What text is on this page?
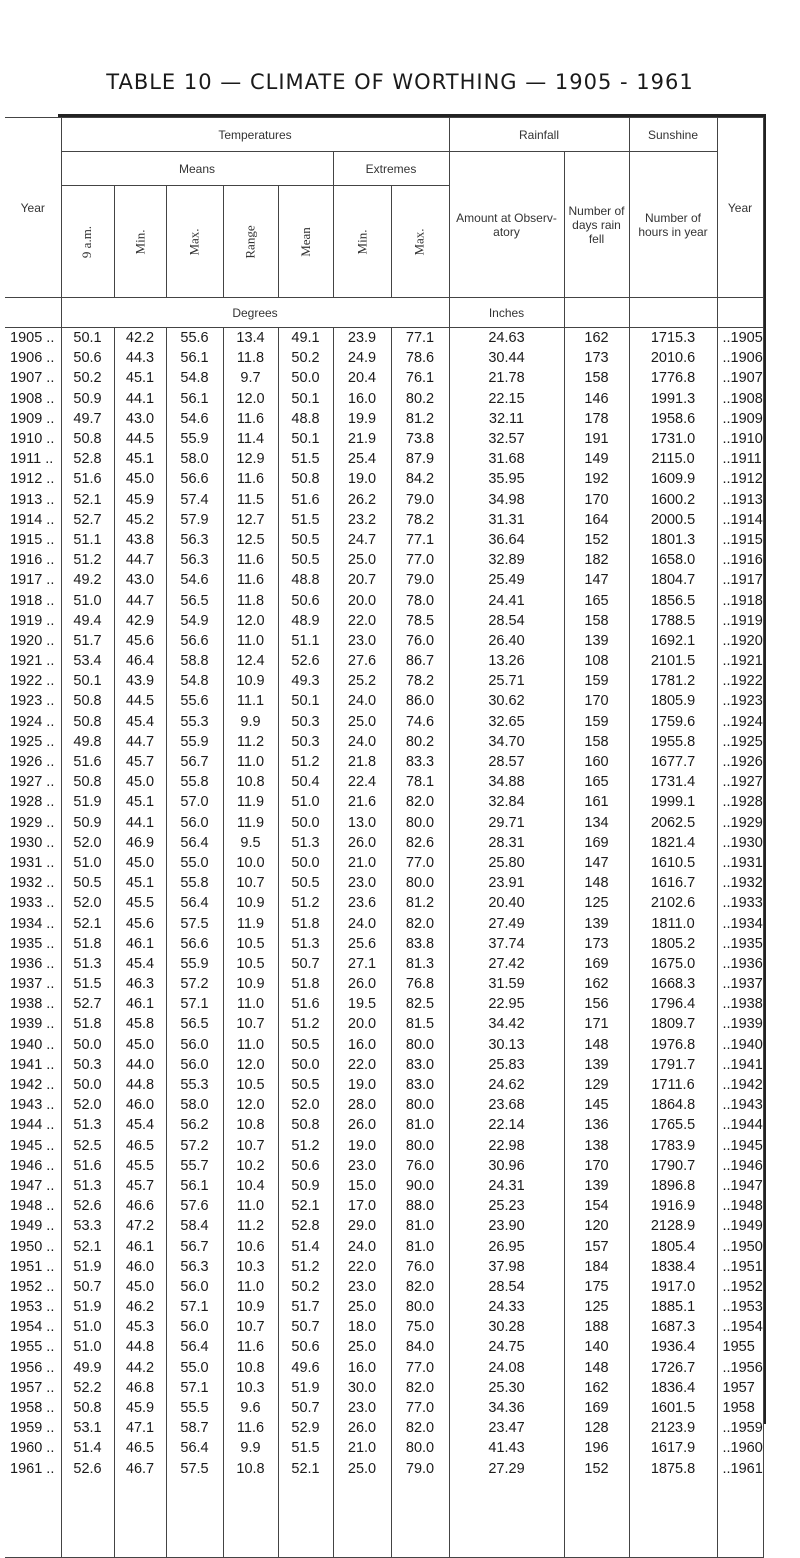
TABLE 10 — CLIMATE OF WORTHING — 1905 - 1961
Year	Temperatures							Rainfall		Sunshine	Year
	Means					Extremes		Amount at Observ-atory	Number of days rain fell	Number of hours in year	
	9 a.m.	Min.	Max.	Range	Mean	Min.	Max.				
	Degrees							Inches			
1905 ..	50.1	42.2	55.6	13.4	49.1	23.9	77.1	24.63	162	1715.3	..1905
1906 ..	50.6	44.3	56.1	11.8	50.2	24.9	78.6	30.44	173	2010.6	..1906
1907 ..	50.2	45.1	54.8	9.7	50.0	20.4	76.1	21.78	158	1776.8	..1907
1908 ..	50.9	44.1	56.1	12.0	50.1	16.0	80.2	22.15	146	1991.3	..1908
1909 ..	49.7	43.0	54.6	11.6	48.8	19.9	81.2	32.11	178	1958.6	..1909
1910 ..	50.8	44.5	55.9	11.4	50.1	21.9	73.8	32.57	191	1731.0	..1910
1911 ..	52.8	45.1	58.0	12.9	51.5	25.4	87.9	31.68	149	2115.0	..1911
1912 ..	51.6	45.0	56.6	11.6	50.8	19.0	84.2	35.95	192	1609.9	..1912
1913 ..	52.1	45.9	57.4	11.5	51.6	26.2	79.0	34.98	170	1600.2	..1913
1914 ..	52.7	45.2	57.9	12.7	51.5	23.2	78.2	31.31	164	2000.5	..1914
1915 ..	51.1	43.8	56.3	12.5	50.5	24.7	77.1	36.64	152	1801.3	..1915
1916 ..	51.2	44.7	56.3	11.6	50.5	25.0	77.0	32.89	182	1658.0	..1916
1917 ..	49.2	43.0	54.6	11.6	48.8	20.7	79.0	25.49	147	1804.7	..1917
1918 ..	51.0	44.7	56.5	11.8	50.6	20.0	78.0	24.41	165	1856.5	..1918
1919 ..	49.4	42.9	54.9	12.0	48.9	22.0	78.5	28.54	158	1788.5	..1919
1920 ..	51.7	45.6	56.6	11.0	51.1	23.0	76.0	26.40	139	1692.1	..1920
1921 ..	53.4	46.4	58.8	12.4	52.6	27.6	86.7	13.26	108	2101.5	..1921
1922 ..	50.1	43.9	54.8	10.9	49.3	25.2	78.2	25.71	159	1781.2	..1922
1923 ..	50.8	44.5	55.6	11.1	50.1	24.0	86.0	30.62	170	1805.9	..1923
1924 ..	50.8	45.4	55.3	9.9	50.3	25.0	74.6	32.65	159	1759.6	..1924
1925 ..	49.8	44.7	55.9	11.2	50.3	24.0	80.2	34.70	158	1955.8	..1925
1926 ..	51.6	45.7	56.7	11.0	51.2	21.8	83.3	28.57	160	1677.7	..1926
1927 ..	50.8	45.0	55.8	10.8	50.4	22.4	78.1	34.88	165	1731.4	..1927
1928 ..	51.9	45.1	57.0	11.9	51.0	21.6	82.0	32.84	161	1999.1	..1928
1929 ..	50.9	44.1	56.0	11.9	50.0	13.0	80.0	29.71	134	2062.5	..1929
1930 ..	52.0	46.9	56.4	9.5	51.3	26.0	82.6	28.31	169	1821.4	..1930
1931 ..	51.0	45.0	55.0	10.0	50.0	21.0	77.0	25.80	147	1610.5	..1931
1932 ..	50.5	45.1	55.8	10.7	50.5	23.0	80.0	23.91	148	1616.7	..1932
1933 ..	52.0	45.5	56.4	10.9	51.2	23.6	81.2	20.40	125	2102.6	..1933
1934 ..	52.1	45.6	57.5	11.9	51.8	24.0	82.0	27.49	139	1811.0	..1934
1935 ..	51.8	46.1	56.6	10.5	51.3	25.6	83.8	37.74	173	1805.2	..1935
1936 ..	51.3	45.4	55.9	10.5	50.7	27.1	81.3	27.42	169	1675.0	..1936
1937 ..	51.5	46.3	57.2	10.9	51.8	26.0	76.8	31.59	162	1668.3	..1937
1938 ..	52.7	46.1	57.1	11.0	51.6	19.5	82.5	22.95	156	1796.4	..1938
1939 ..	51.8	45.8	56.5	10.7	51.2	20.0	81.5	34.42	171	1809.7	..1939
1940 ..	50.0	45.0	56.0	11.0	50.5	16.0	80.0	30.13	148	1976.8	..1940
1941 ..	50.3	44.0	56.0	12.0	50.0	22.0	83.0	25.83	139	1791.7	..1941
1942 ..	50.0	44.8	55.3	10.5	50.5	19.0	83.0	24.62	129	1711.6	..1942
1943 ..	52.0	46.0	58.0	12.0	52.0	28.0	80.0	23.68	145	1864.8	..1943
1944 ..	51.3	45.4	56.2	10.8	50.8	26.0	81.0	22.14	136	1765.5	..1944
1945 ..	52.5	46.5	57.2	10.7	51.2	19.0	80.0	22.98	138	1783.9	..1945
1946 ..	51.6	45.5	55.7	10.2	50.6	23.0	76.0	30.96	170	1790.7	..1946
1947 ..	51.3	45.7	56.1	10.4	50.9	15.0	90.0	24.31	139	1896.8	..1947
1948 ..	52.6	46.6	57.6	11.0	52.1	17.0	88.0	25.23	154	1916.9	..1948
1949 ..	53.3	47.2	58.4	11.2	52.8	29.0	81.0	23.90	120	2128.9	..1949
1950 ..	52.1	46.1	56.7	10.6	51.4	24.0	81.0	26.95	157	1805.4	..1950
1951 ..	51.9	46.0	56.3	10.3	51.2	22.0	76.0	37.98	184	1838.4	..1951
1952 ..	50.7	45.0	56.0	11.0	50.2	23.0	82.0	28.54	175	1917.0	..1952
1953 ..	51.9	46.2	57.1	10.9	51.7	25.0	80.0	24.33	125	1885.1	..1953
1954 ..	51.0	45.3	56.0	10.7	50.7	18.0	75.0	30.28	188	1687.3	..1954
1955 ..	51.0	44.8	56.4	11.6	50.6	25.0	84.0	24.75	140	1936.4	1955
1956 ..	49.9	44.2	55.0	10.8	49.6	16.0	77.0	24.08	148	1726.7	..1956
1957 ..	52.2	46.8	57.1	10.3	51.9	30.0	82.0	25.30	162	1836.4	1957
1958 ..	50.8	45.9	55.5	9.6	50.7	23.0	77.0	34.36	169	1601.5	1958
1959 ..	53.1	47.1	58.7	11.6	52.9	26.0	82.0	23.47	128	2123.9	..1959
1960 ..	51.4	46.5	56.4	9.9	51.5	21.0	80.0	41.43	196	1617.9	..1960
1961 ..	52.6	46.7	57.5	10.8	52.1	25.0	79.0	27.29	152	1875.8	..1961
